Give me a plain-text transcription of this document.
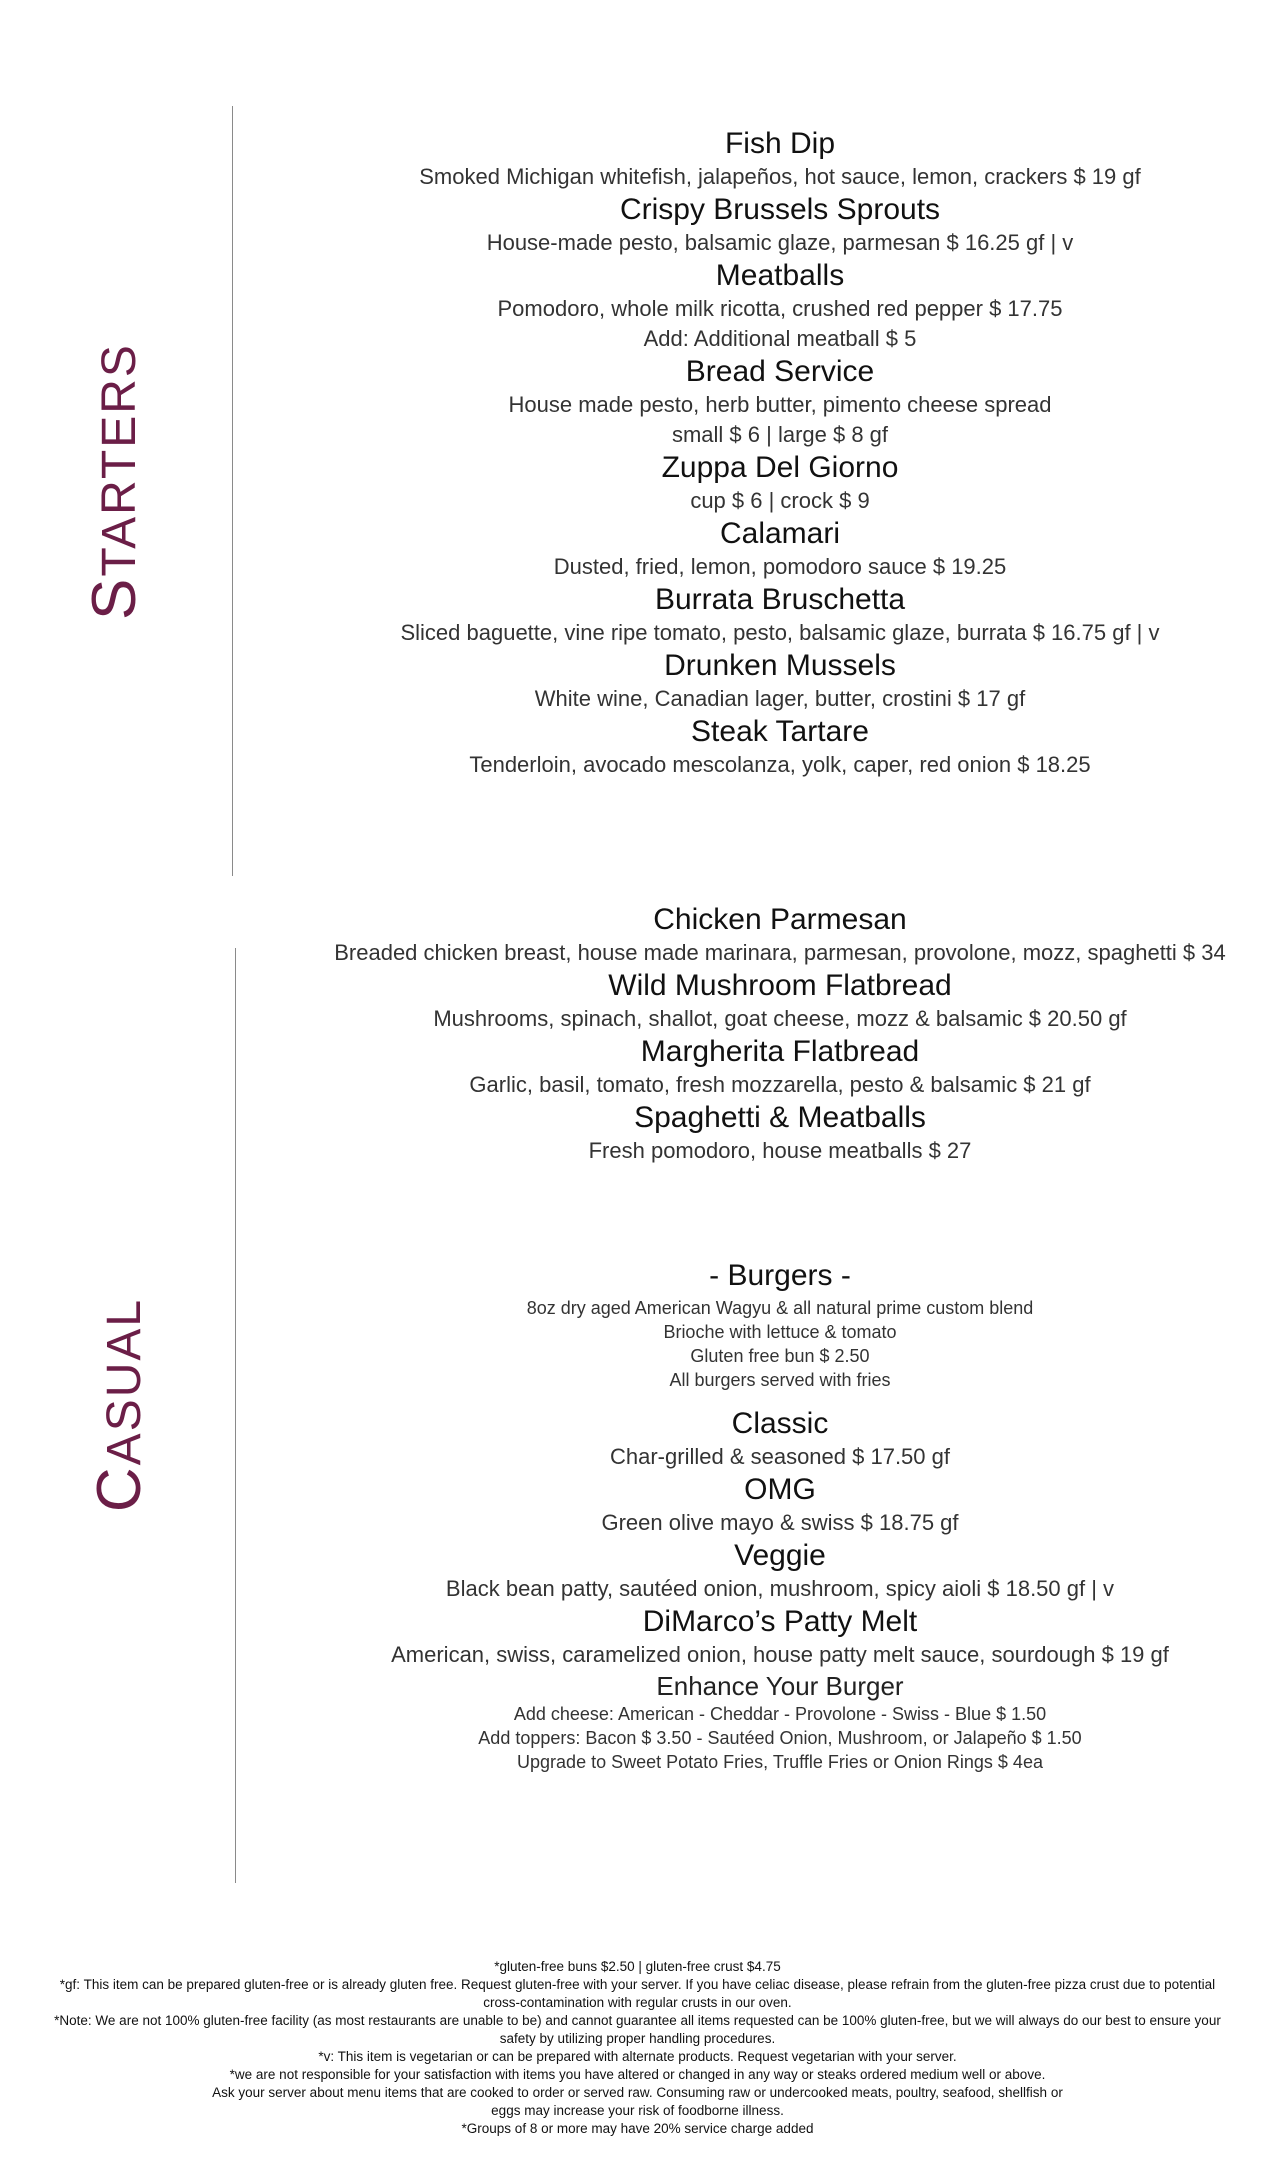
STARTERS
CASUAL
Fish Dip
Smoked Michigan whitefish, jalapeños, hot sauce, lemon, crackers $ 19 gf
Crispy Brussels Sprouts
House-made pesto, balsamic glaze, parmesan $ 16.25 gf | v
Meatballs
Pomodoro, whole milk ricotta, crushed red pepper $ 17.75
Add: Additional meatball $ 5
Bread Service
House made pesto, herb butter, pimento cheese spread
small $ 6 | large $ 8 gf
Zuppa Del Giorno
cup $ 6 | crock $ 9
Calamari
Dusted, fried, lemon, pomodoro sauce $ 19.25
Burrata Bruschetta
Sliced baguette, vine ripe tomato, pesto, balsamic glaze, burrata $ 16.75 gf | v
Drunken Mussels
White wine, Canadian lager, butter, crostini $ 17 gf
Steak Tartare
Tenderloin, avocado mescolanza, yolk, caper, red onion $ 18.25
Chicken Parmesan
Breaded chicken breast, house made marinara, parmesan, provolone, mozz, spaghetti $ 34
Wild Mushroom Flatbread
Mushrooms, spinach, shallot, goat cheese, mozz & balsamic $ 20.50 gf
Margherita Flatbread
Garlic, basil, tomato, fresh mozzarella, pesto & balsamic $ 21 gf
Spaghetti & Meatballs
Fresh pomodoro, house meatballs $ 27
- Burgers -
8oz dry aged American Wagyu & all natural prime custom blend
Brioche with lettuce & tomato
Gluten free bun $ 2.50
All burgers served with fries
Classic
Char-grilled & seasoned $ 17.50 gf
OMG
Green olive mayo & swiss $ 18.75 gf
Veggie
Black bean patty, sautéed onion, mushroom, spicy aioli $ 18.50 gf | v
DiMarco’s Patty Melt
American, swiss, caramelized onion, house patty melt sauce, sourdough $ 19 gf
Enhance Your Burger
Add cheese: American - Cheddar - Provolone - Swiss - Blue $ 1.50
Add toppers: Bacon $ 3.50 - Sautéed Onion, Mushroom, or Jalapeño $ 1.50
Upgrade to Sweet Potato Fries, Truffle Fries or Onion Rings $ 4ea
*gluten-free buns $2.50 | gluten-free crust $4.75
*gf: This item can be prepared gluten-free or is already gluten free. Request gluten-free with your server. If you have celiac disease, please refrain from the gluten-free pizza crust due to potential
cross-contamination with regular crusts in our oven.
*Note: We are not 100% gluten-free facility (as most restaurants are unable to be) and cannot guarantee all items requested can be 100% gluten-free, but we will always do our best to ensure your
safety by utilizing proper handling procedures.
*v: This item is vegetarian or can be prepared with alternate products. Request vegetarian with your server.
*we are not responsible for your satisfaction with items you have altered or changed in any way or steaks ordered medium well or above.
Ask your server about menu items that are cooked to order or served raw. Consuming raw or undercooked meats, poultry, seafood, shellfish or
eggs may increase your risk of foodborne illness.
*Groups of 8 or more may have 20% service charge added
